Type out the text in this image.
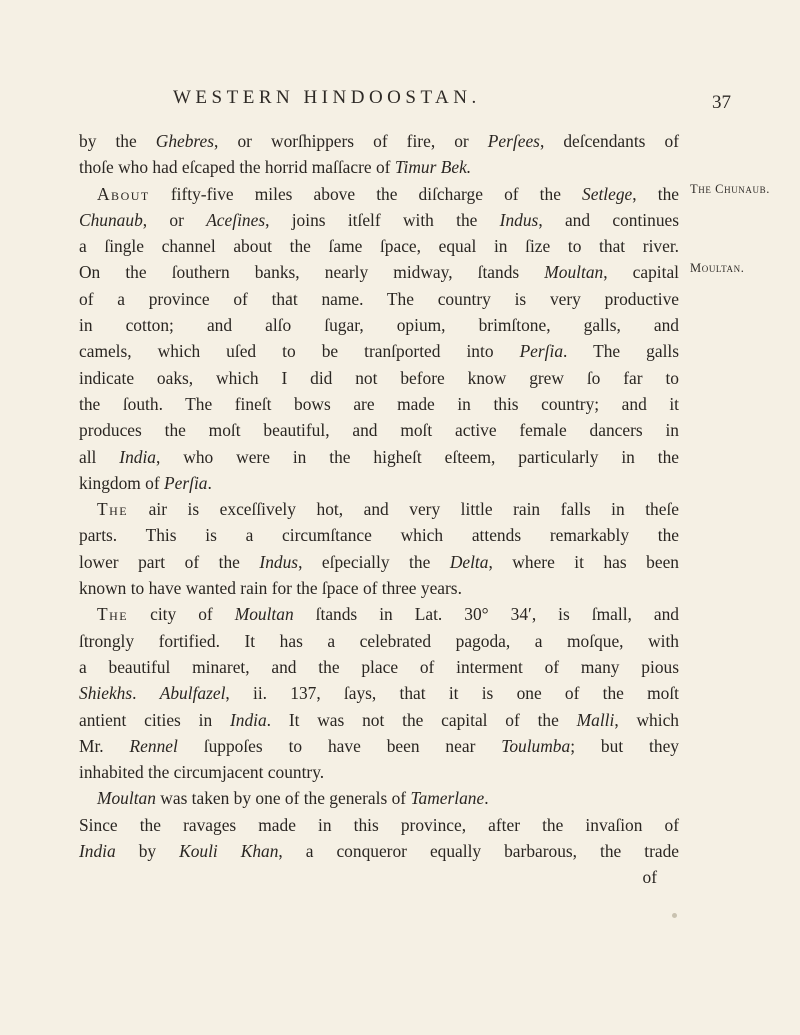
WESTERN HINDOOSTAN.	37
The Chunaub.
Moultan.
by the Ghebres, or worſhippers of fire, or Perſees, deſcendants of
thoſe who had eſcaped the horrid maſſacre of Timur Bek.
About fifty-five miles above the diſcharge of the Setlege, the
Chunaub, or Aceſines, joins itſelf with the Indus, and continues
a ſingle channel about the ſame ſpace, equal in ſize to that river.
On the ſouthern banks, nearly midway, ſtands Moultan, capital
of a province of that name. The country is very productive
in cotton; and alſo ſugar, opium, brimſtone, galls, and
camels, which uſed to be tranſported into Perſia. The galls
indicate oaks, which I did not before know grew ſo far to
the ſouth. The fineſt bows are made in this country; and it
produces the moſt beautiful, and moſt active female dancers in
all India, who were in the higheſt eſteem, particularly in the
kingdom of Perſia.
The air is exceſſively hot, and very little rain falls in theſe
parts. This is a circumſtance which attends remarkably the
lower part of the Indus, eſpecially the Delta, where it has been
known to have wanted rain for the ſpace of three years.
The city of Moultan ſtands in Lat. 30° 34′, is ſmall, and
ſtrongly fortified. It has a celebrated pagoda, a moſque, with
a beautiful minaret, and the place of interment of many pious
Shiekhs. Abulfazel, ii. 137, ſays, that it is one of the moſt
antient cities in India. It was not the capital of the Malli, which
Mr. Rennel ſuppoſes to have been near Toulumba; but they
inhabited the circumjacent country.
Moultan was taken by one of the generals of Tamerlane.
Since the ravages made in this province, after the invaſion of
India by Kouli Khan, a conqueror equally barbarous, the trade
of
